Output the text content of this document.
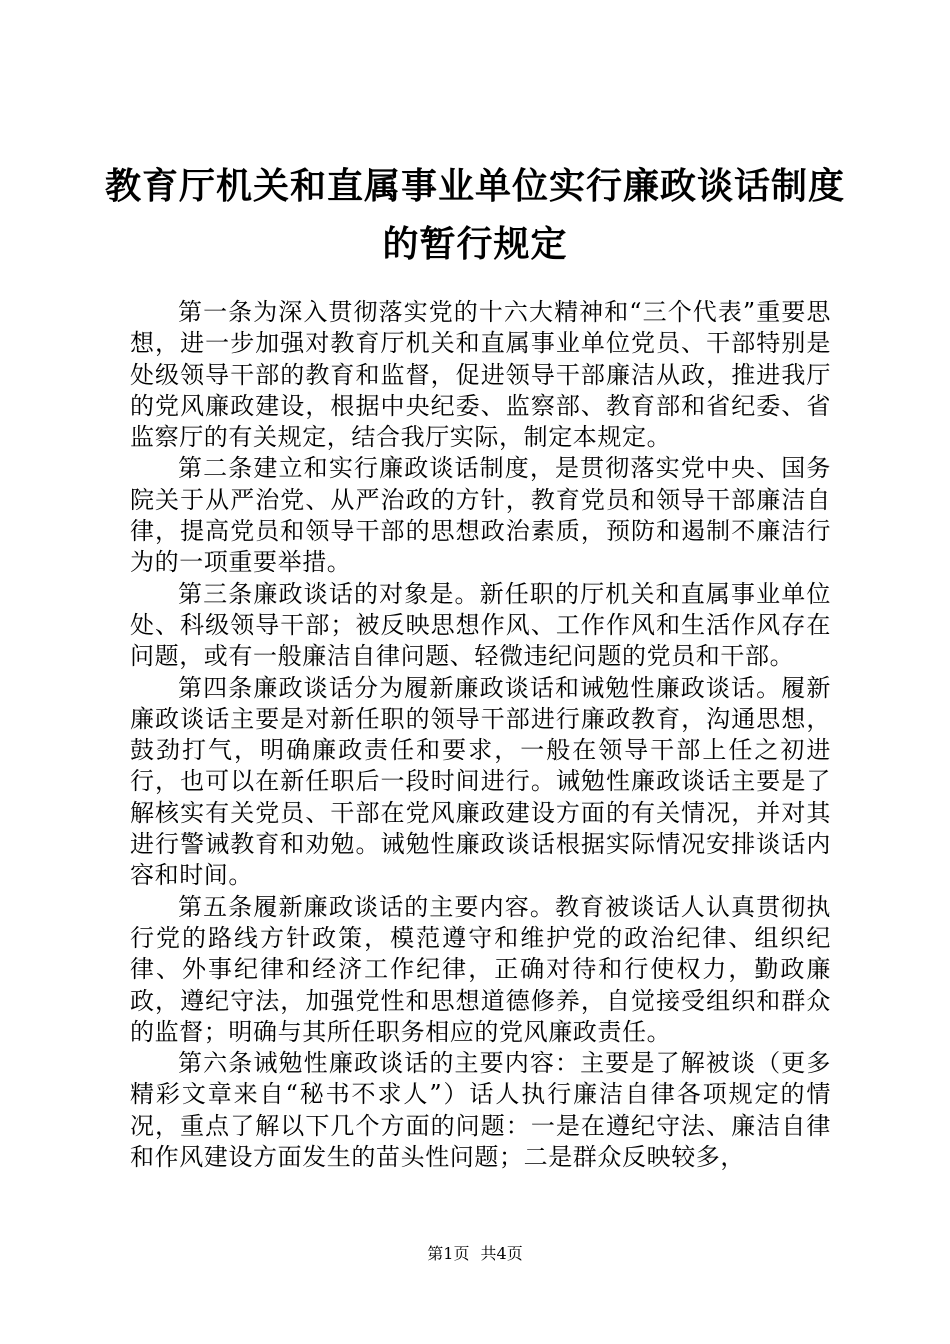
教育厅机关和直属事业单位实行廉政谈话制度
的暂行规定

第一条为深入贯彻落实党的十六大精神和“三个代表”重要思想，进一步加强对教育厅机关和直属事业单位党员、干部特别是处级领导干部的教育和监督，促进领导干部廉洁从政，推进我厅的党风廉政建设，根据中央纪委、监察部、教育部和省纪委、省监察厅的有关规定，结合我厅实际，制定本规定。

第二条建立和实行廉政谈话制度，是贯彻落实党中央、国务院关于从严治党、从严治政的方针，教育党员和领导干部廉洁自律，提高党员和领导干部的思想政治素质，预防和遏制不廉洁行为的一项重要举措。

第三条廉政谈话的对象是。新任职的厅机关和直属事业单位处、科级领导干部；被反映思想作风、工作作风和生活作风存在问题，或有一般廉洁自律问题、轻微违纪问题的党员和干部。

第四条廉政谈话分为履新廉政谈话和诫勉性廉政谈话。履新廉政谈话主要是对新任职的领导干部进行廉政教育，沟通思想，鼓劲打气，明确廉政责任和要求，一般在领导干部上任之初进行，也可以在新任职后一段时间进行。诫勉性廉政谈话主要是了解核实有关党员、干部在党风廉政建设方面的有关情况，并对其进行警诫教育和劝勉。诫勉性廉政谈话根据实际情况安排谈话内容和时间。

第五条履新廉政谈话的主要内容。教育被谈话人认真贯彻执行党的路线方针政策，模范遵守和维护党的政治纪律、组织纪律、外事纪律和经济工作纪律，正确对待和行使权力，勤政廉政，遵纪守法，加强党性和思想道德修养，自觉接受组织和群众的监督；明确与其所任职务相应的党风廉政责任。

第六条诫勉性廉政谈话的主要内容：主要是了解被谈（更多精彩文章来自“秘书不求人”）话人执行廉洁自律各项规定的情况，重点了解以下几个方面的问题：一是在遵纪守法、廉洁自律和作风建设方面发生的苗头性问题；二是群众反映较多，

第1页 共4页
